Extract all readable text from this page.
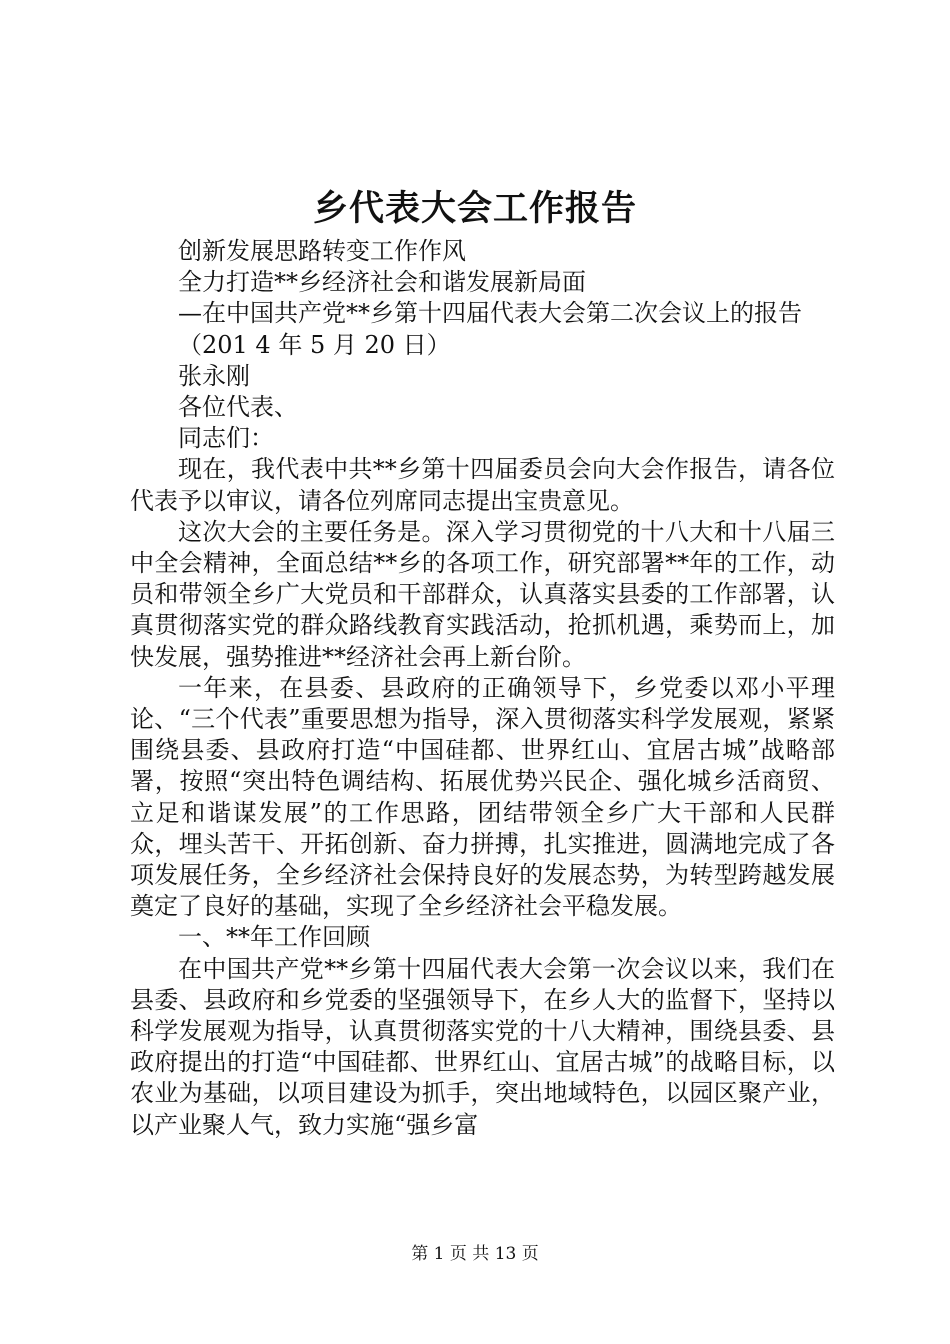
乡代表大会工作报告

创新发展思路转变工作作风

全力打造**乡经济社会和谐发展新局面

—在中国共产党**乡第十四届代表大会第二次会议上的报告

（201 4 年 5 月 20 日）

张永刚

各位代表、

同志们：

现在，我代表中共**乡第十四届委员会向大会作报告，请各位代表予以审议，请各位列席同志提出宝贵意见。

这次大会的主要任务是。深入学习贯彻党的十八大和十八届三中全会精神，全面总结**乡的各项工作，研究部署**年的工作，动员和带领全乡广大党员和干部群众，认真落实县委的工作部署，认真贯彻落实党的群众路线教育实践活动，抢抓机遇，乘势而上，加快发展，强势推进**经济社会再上新台阶。

一年来，在县委、县政府的正确领导下，乡党委以邓小平理论、“三个代表”重要思想为指导，深入贯彻落实科学发展观，紧紧围绕县委、县政府打造“中国硅都、世界红山、宜居古城”战略部署，按照“突出特色调结构、拓展优势兴民企、强化城乡活商贸、立足和谐谋发展”的工作思路，团结带领全乡广大干部和人民群众，埋头苦干、开拓创新、奋力拼搏，扎实推进，圆满地完成了各项发展任务，全乡经济社会保持良好的发展态势，为转型跨越发展奠定了良好的基础，实现了全乡经济社会平稳发展。

一、**年工作回顾

在中国共产党**乡第十四届代表大会第一次会议以来，我们在县委、县政府和乡党委的坚强领导下，在乡人大的监督下，坚持以科学发展观为指导，认真贯彻落实党的十八大精神，围绕县委、县政府提出的打造“中国硅都、世界红山、宜居古城”的战略目标，以农业为基础，以项目建设为抓手，突出地域特色，以园区聚产业，以产业聚人气，致力实施“强乡富

第 1 页 共 13 页
